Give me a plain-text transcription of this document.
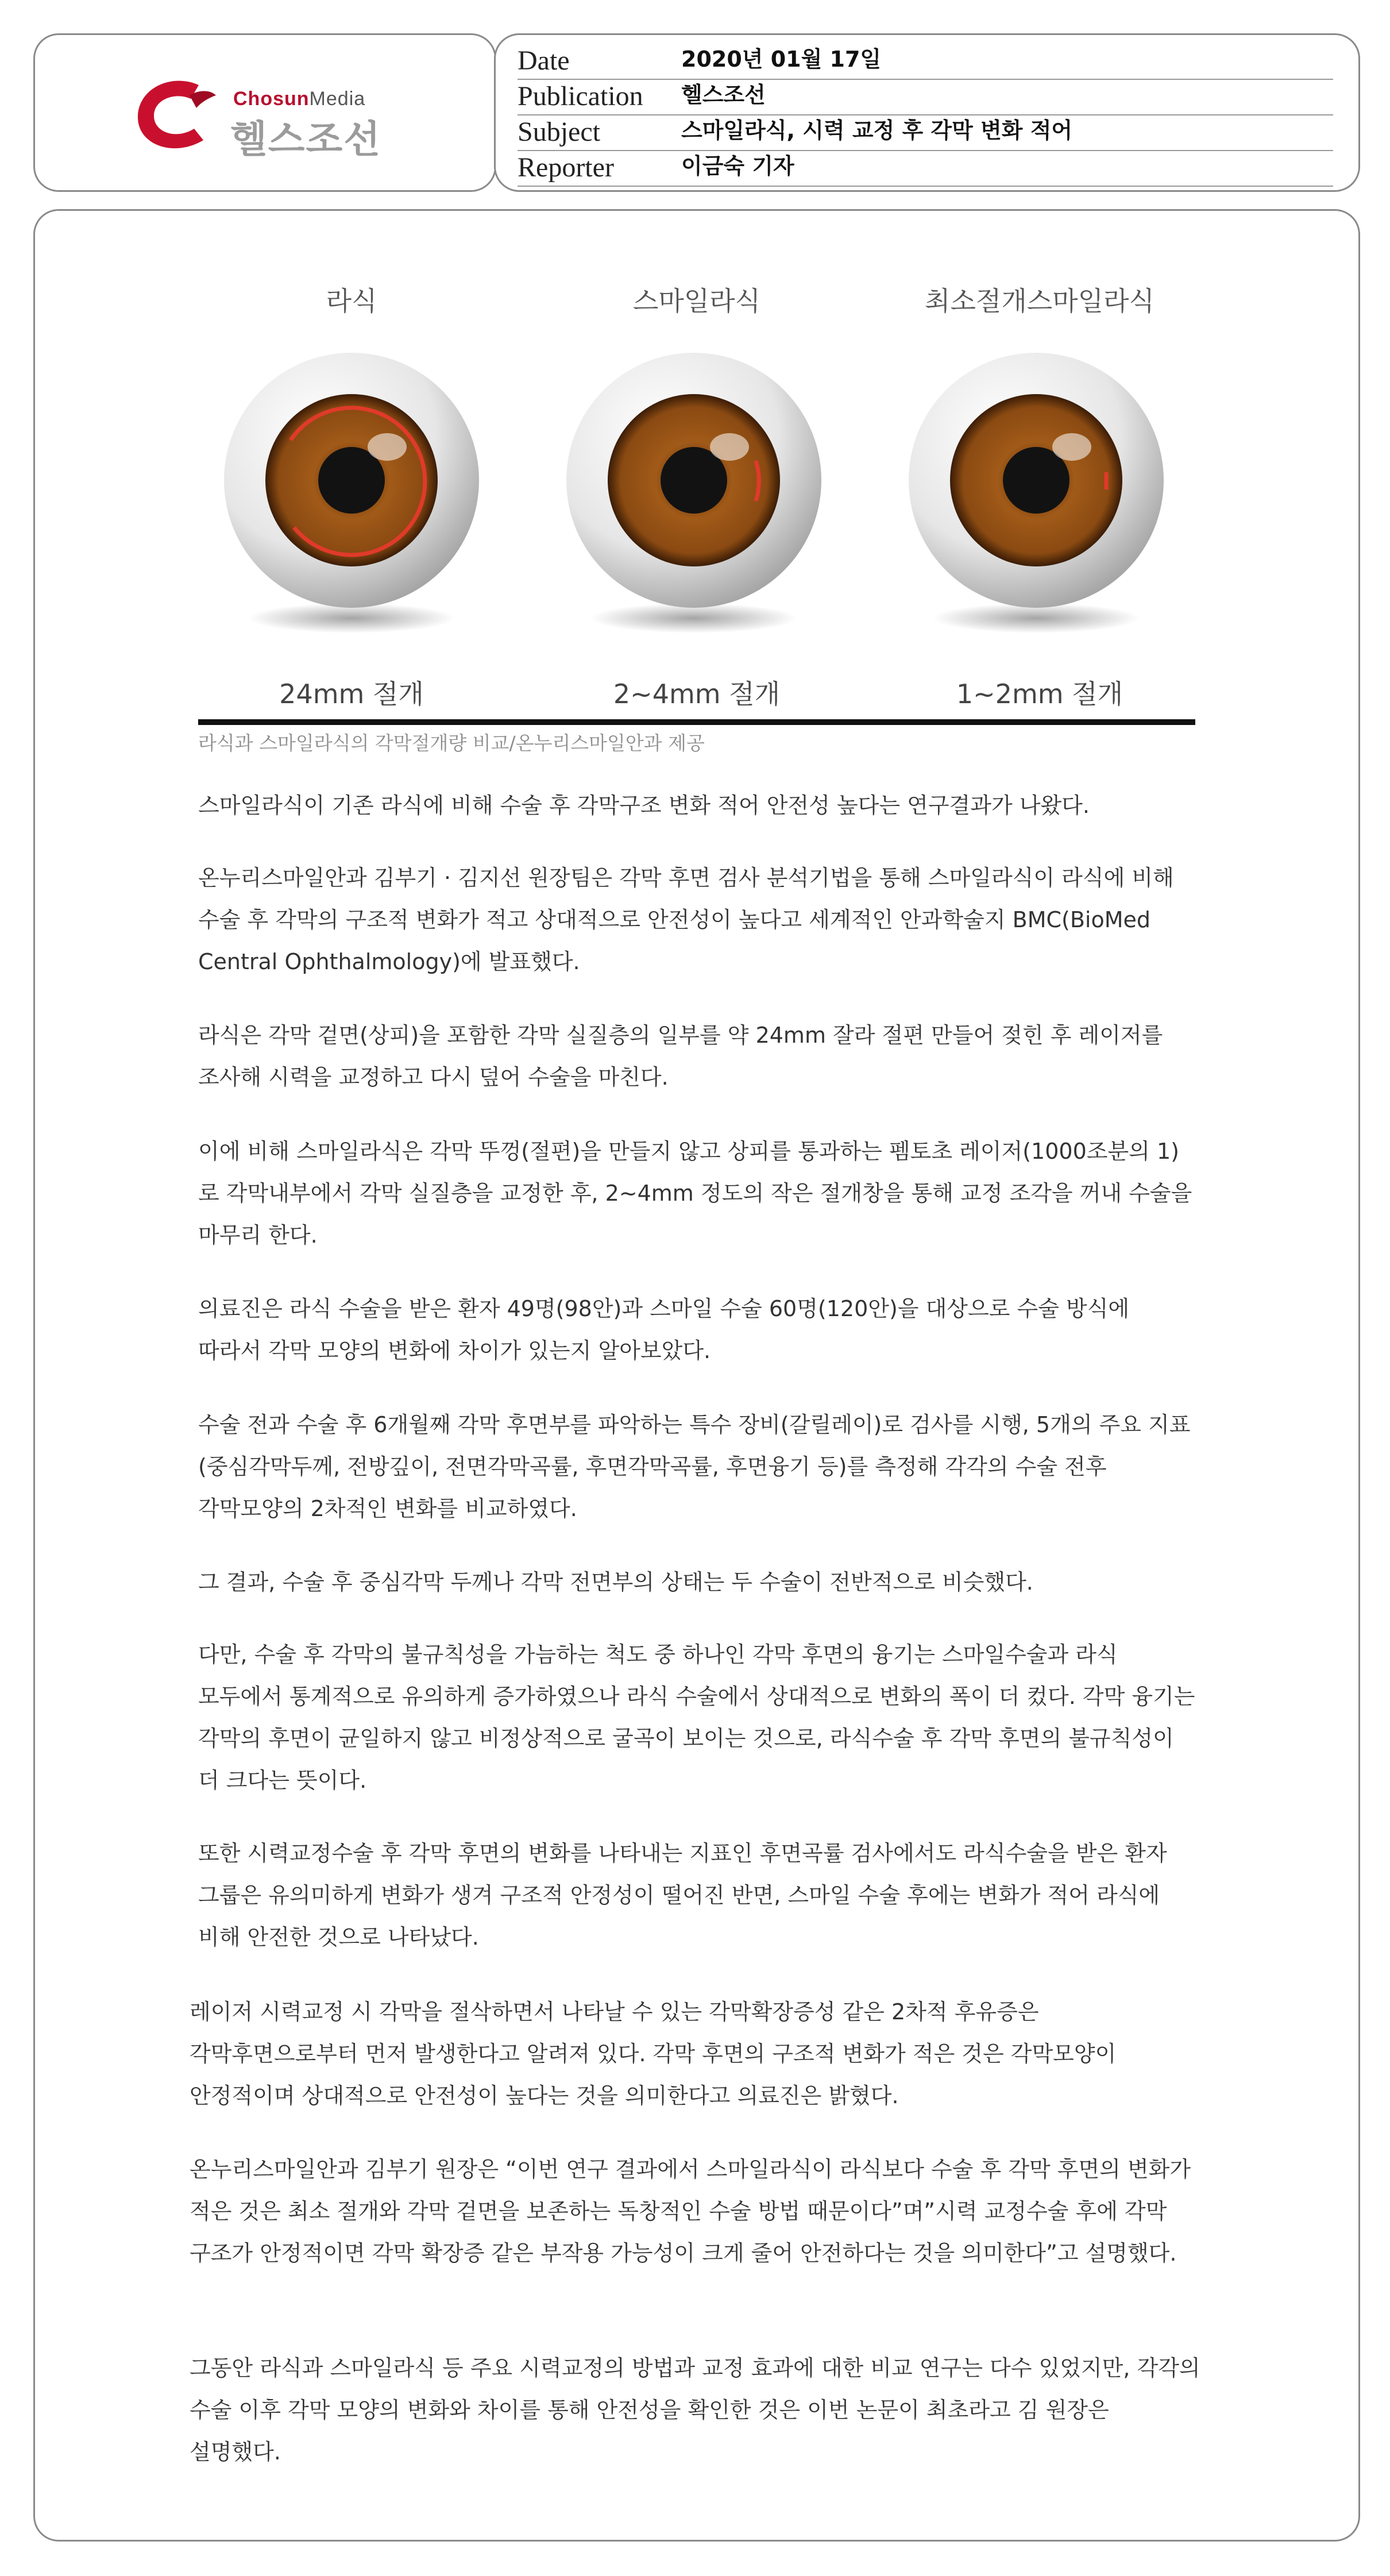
ChosunMedia
헬스조선
Date	2020년 01월 17일
Publication 헬스조선
Subject	스마일라식, 시력 교정 후 각막 변화 적어
Reporter	이금숙 기자
라식	스마일라식	최소절개스마일라식
24mm 절개	2~4mm 절개	1~2mm 절개
라식과 스마일라식의 각막절개량 비교/온누리스마일안과 제공
스마일라식이 기존 라식에 비해 수술 후 각막구조 변화 적어 안전성 높다는 연구결과가 나왔다.
온누리스마일안과 김부기 · 김지선 원장팀은 각막 후면 검사 분석기법을 통해 스마일라식이 라식에 비해 수술 후 각막의 구조적 변화가 적고 상대적으로 안전성이 높다고 세계적인 안과학술지 BMC(BioMed Central Ophthalmology)에 발표했다.
라식은 각막 겉면(상피)을 포함한 각막 실질층의 일부를 약 24mm 잘라 절편 만들어 젖힌 후 레이저를 조사해 시력을 교정하고 다시 덮어 수술을 마친다.
이에 비해 스마일라식은 각막 뚜껑(절편)을 만들지 않고 상피를 통과하는 펨토초 레이저(1000조분의 1)로 각막내부에서 각막 실질층을 교정한 후, 2~4mm 정도의 작은 절개창을 통해 교정 조각을 꺼내 수술을 마무리 한다.
의료진은 라식 수술을 받은 환자 49명(98안)과 스마일 수술 60명(120안)을 대상으로 수술 방식에 따라서 각막 모양의 변화에 차이가 있는지 알아보았다.
수술 전과 수술 후 6개월째 각막 후면부를 파악하는 특수 장비(갈릴레이)로 검사를 시행, 5개의 주요 지표(중심각막두께, 전방깊이, 전면각막곡률, 후면각막곡률, 후면융기 등)를 측정해 각각의 수술 전후 각막모양의 2차적인 변화를 비교하였다.
그 결과, 수술 후 중심각막 두께나 각막 전면부의 상태는 두 수술이 전반적으로 비슷했다.
다만, 수술 후 각막의 불규칙성을 가늠하는 척도 중 하나인 각막 후면의 융기는 스마일수술과 라식 모두에서 통계적으로 유의하게 증가하였으나 라식 수술에서 상대적으로 변화의 폭이 더 컸다. 각막 융기는 각막의 후면이 균일하지 않고 비정상적으로 굴곡이 보이는 것으로, 라식수술 후 각막 후면의 불규칙성이 더 크다는 뜻이다.
또한 시력교정수술 후 각막 후면의 변화를 나타내는 지표인 후면곡률 검사에서도 라식수술을 받은 환자 그룹은 유의미하게 변화가 생겨 구조적 안정성이 떨어진 반면, 스마일 수술 후에는 변화가 적어 라식에 비해 안전한 것으로 나타났다.
레이저 시력교정 시 각막을 절삭하면서 나타날 수 있는 각막확장증성 같은 2차적 후유증은 각막후면으로부터 먼저 발생한다고 알려져 있다. 각막 후면의 구조적 변화가 적은 것은 각막모양이 안정적이며 상대적으로 안전성이 높다는 것을 의미한다고 의료진은 밝혔다.
온누리스마일안과 김부기 원장은 “이번 연구 결과에서 스마일라식이 라식보다 수술 후 각막 후면의 변화가 적은 것은 최소 절개와 각막 겉면을 보존하는 독창적인 수술 방법 때문이다”며”시력 교정수술 후에 각막 구조가 안정적이면 각막 확장증 같은 부작용 가능성이 크게 줄어 안전하다는 것을 의미한다”고 설명했다.
그동안 라식과 스마일라식 등 주요 시력교정의 방법과 교정 효과에 대한 비교 연구는 다수 있었지만, 각각의 수술 이후 각막 모양의 변화와 차이를 통해 안전성을 확인한 것은 이번 논문이 최초라고 김 원장은 설명했다.
